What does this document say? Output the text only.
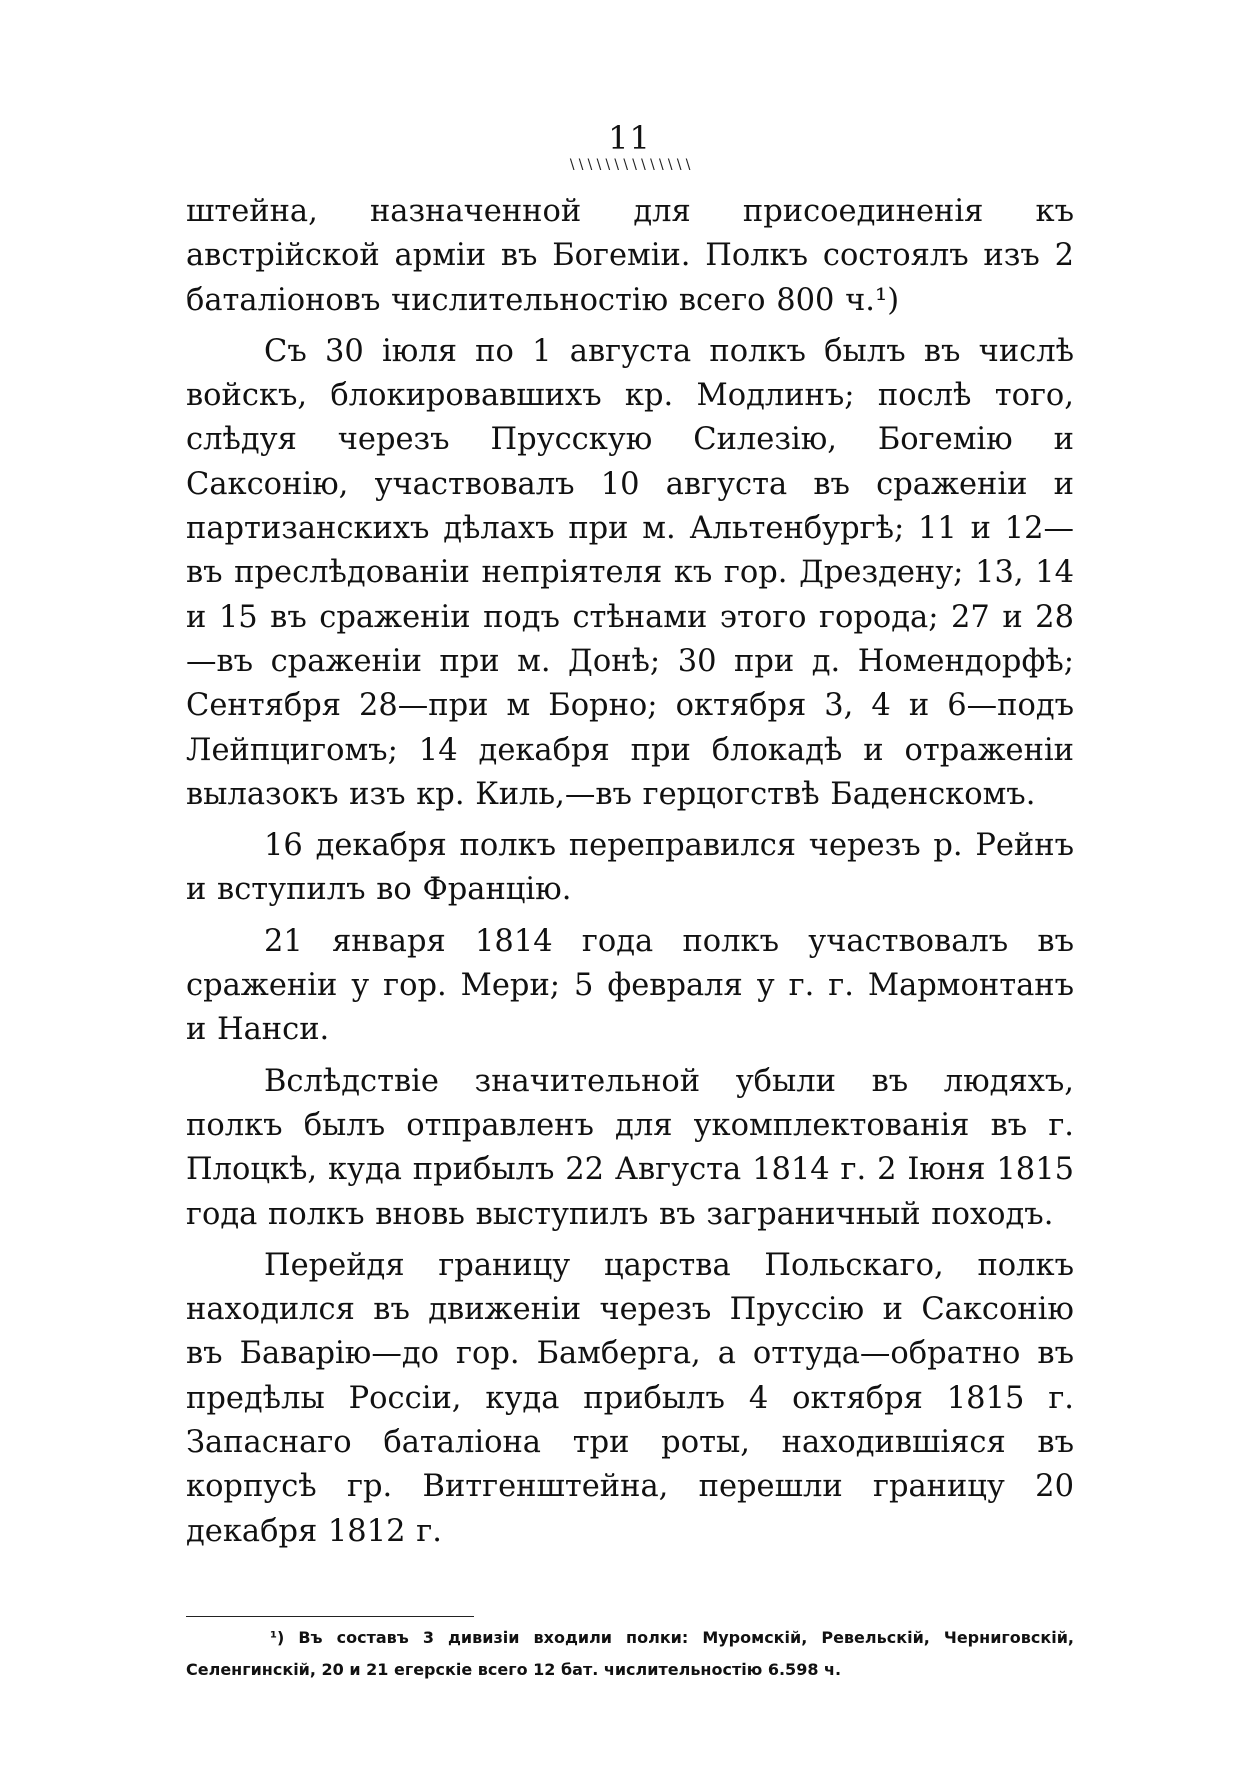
11
∖∖∖∖∖∖∖∖∖∖∖∖∖∖

штейна, назначенной для присоединенія къ австрійской арміи въ Богеміи. Полкъ состоялъ изъ 2 баталіоновъ числительностію всего 800 ч.¹)

Съ 30 іюля по 1 августа полкъ былъ въ числѣ войскъ, блокировавшихъ кр. Модлинъ; послѣ того, слѣдуя черезъ Прусскую Силезію, Богемію и Саксонію, участвовалъ 10 августа въ сраженіи и партизанскихъ дѣлахъ при м. Альтенбургѣ; 11 и 12—въ преслѣдованіи непріятеля къ гор. Дрездену; 13, 14 и 15 въ сраженіи подъ стѣнами этого города; 27 и 28—въ сраженіи при м. Донѣ; 30 при д. Номендорфѣ; Сентября 28—при м Борно; октября 3, 4 и 6—подъ Лейпцигомъ; 14 декабря при блокадѣ и отраженіи вылазокъ изъ кр. Киль,—въ герцогствѣ Баденскомъ.

16 декабря полкъ переправился черезъ р. Рейнъ и вступилъ во Францію.

21 января 1814 года полкъ участвовалъ въ сраженіи у гор. Мери; 5 февраля у г. г. Мармонтанъ и Нанси.

Вслѣдствіе значительной убыли въ людяхъ, полкъ былъ отправленъ для укомплектованія въ г. Плоцкѣ, куда прибылъ 22 Августа 1814 г. 2 Іюня 1815 года полкъ вновь выступилъ въ заграничный походъ.

Перейдя границу царства Польскаго, полкъ находился въ движеніи черезъ Пруссію и Саксонію въ Баварію—до гор. Бамберга, а оттуда—обратно въ предѣлы Россіи, куда прибылъ 4 октября 1815 г. Запаснаго баталіона три роты, находившіяся въ корпусѣ гр. Витгенштейна, перешли границу 20 декабря 1812 г.

¹) Въ составъ 3 дивизіи входили полки: Муромскій, Ревельскій, Черниговскій, Селенгинскій, 20 и 21 егерскіе всего 12 бат. числительностію 6.598 ч.
